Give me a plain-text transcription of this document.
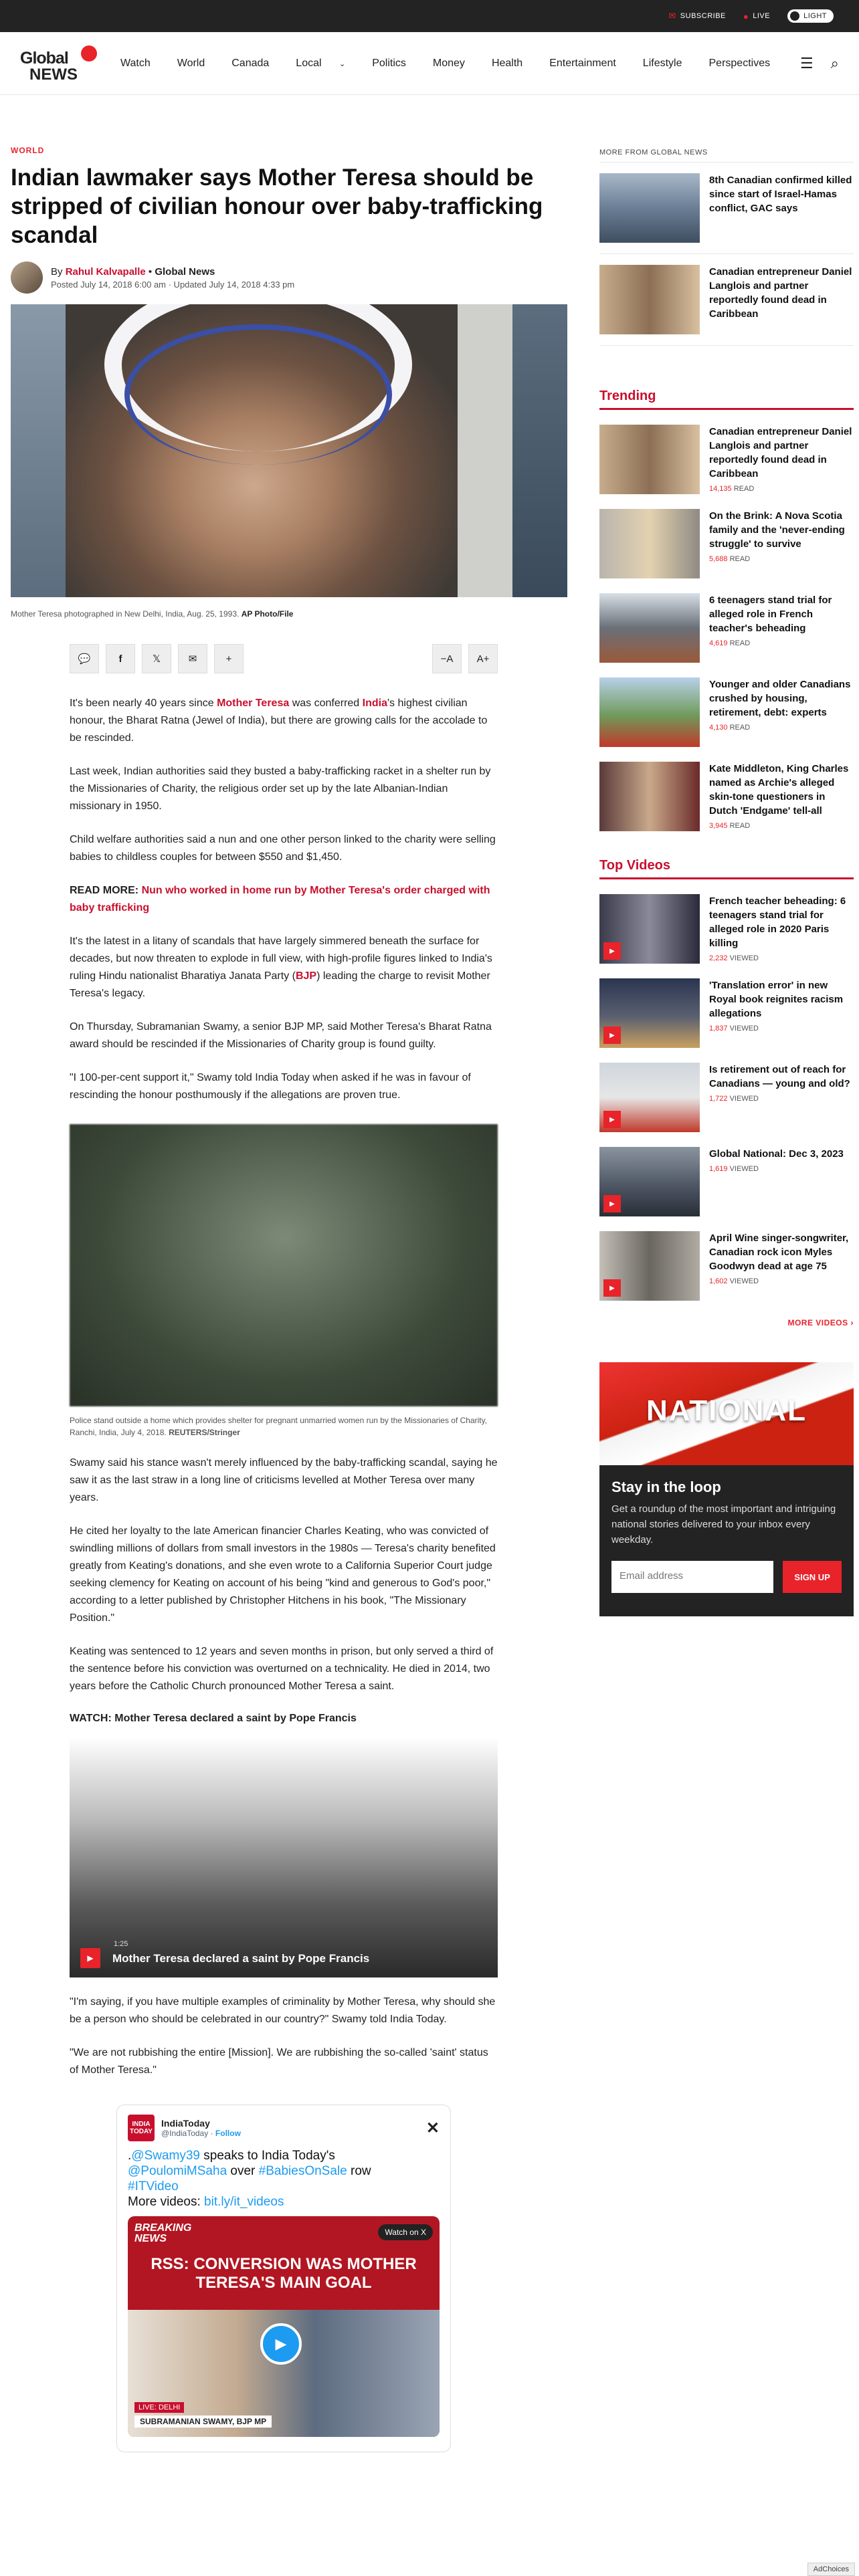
✉ SUBSCRIBE ● LIVE	LIGHT
Global
NEWS
Watch	World	Canada	Local ⌄	Politics	Money	Health	Entertainment	Lifestyle	Perspectives ☰ ⌕
WORLD
Indian lawmaker says Mother Teresa should be stripped of civilian honour over baby-trafficking scandal
By Rahul Kalvapalle • Global News
Posted July 14, 2018 6:00 am · Updated July 14, 2018 4:33 pm
Mother Teresa photographed in New Delhi, India, Aug. 25, 1993. AP Photo/File
💬	f	𝕏	✉	+	−A	A+

It's been nearly 40 years since Mother Teresa was conferred India's highest civilian honour, the Bharat Ratna (Jewel of India), but there are growing calls for the accolade to be rescinded.

Last week, Indian authorities said they busted a baby-trafficking racket in a shelter run by the Missionaries of Charity, the religious order set up by the late Albanian-Indian missionary in 1950.

Child welfare authorities said a nun and one other person linked to the charity were selling babies to childless couples for between $550 and $1,450.

READ MORE: Nun who worked in home run by Mother Teresa's order charged with baby trafficking

It's the latest in a litany of scandals that have largely simmered beneath the surface for decades, but now threaten to explode in full view, with high-profile figures linked to India's ruling Hindu nationalist Bharatiya Janata Party (BJP) leading the charge to revisit Mother Teresa's legacy.

On Thursday, Subramanian Swamy, a senior BJP MP, said Mother Teresa's Bharat Ratna award should be rescinded if the Missionaries of Charity group is found guilty.

"I 100-per-cent support it," Swamy told India Today when asked if he was in favour of rescinding the honour posthumously if the allegations are proven true.

Police stand outside a home which provides shelter for pregnant unmarried women run by the Missionaries of Charity, Ranchi, India, July 4, 2018. REUTERS/Stringer

Swamy said his stance wasn't merely influenced by the baby-trafficking scandal, saying he saw it as the last straw in a long line of criticisms levelled at Mother Teresa over many years.

He cited her loyalty to the late American financier Charles Keating, who was convicted of swindling millions of dollars from small investors in the 1980s — Teresa's charity benefited greatly from Keating's donations, and she even wrote to a California Superior Court judge seeking clemency for Keating on account of his being "kind and generous to God's poor," according to a letter published by Christopher Hitchens in his book, "The Missionary Position."

Keating was sentenced to 12 years and seven months in prison, but only served a third of the sentence before his conviction was overturned on a technicality. He died in 2014, two years before the Catholic Church pronounced Mother Teresa a saint.

WATCH: Mother Teresa declared a saint by Pope Francis
1:25
▶	Mother Teresa declared a saint by Pope Francis

"I'm saying, if you have multiple examples of criminality by Mother Teresa, why should she be a person who should be celebrated in our country?" Swamy told India Today.

"We are not rubbishing the entire [Mission]. We are rubbishing the so-called 'saint' status of Mother Teresa."

INDIA TODAY
IndiaToday
@IndiaToday · Follow	✕
.@Swamy39 speaks to India Today's
@PoulomiMSaha over #BabiesOnSale row
#ITVideo
More videos: bit.ly/it_videos
BREAKING NEWS
Watch on X
RSS: CONVERSION WAS MOTHER TERESA'S MAIN GOAL
▶
LIVE: DELHI
SUBRAMANIAN SWAMY, BJP MP
MORE FROM GLOBAL NEWS
8th Canadian confirmed killed since start of Israel-Hamas conflict, GAC says
Canadian entrepreneur Daniel Langlois and partner reportedly found dead in Caribbean
Trending
Canadian entrepreneur Daniel Langlois and partner reportedly found dead in Caribbean
14,135 READ
On the Brink: A Nova Scotia family and the 'never-ending struggle' to survive
5,688 READ
6 teenagers stand trial for alleged role in French teacher's beheading
4,619 READ
Younger and older Canadians crushed by housing, retirement, debt: experts
4,130 READ
Kate Middleton, King Charles named as Archie's alleged skin-tone questioners in Dutch 'Endgame' tell-all
3,945 READ
Top Videos
▶
French teacher beheading: 6 teenagers stand trial for alleged role in 2020 Paris killing
2,232 VIEWED
▶
'Translation error' in new Royal book reignites racism allegations
1,837 VIEWED
▶
Is retirement out of reach for Canadians — young and old?
1,722 VIEWED
▶
Global National: Dec 3, 2023
1,619 VIEWED
▶
April Wine singer-songwriter, Canadian rock icon Myles Goodwyn dead at age 75
1,602 VIEWED
MORE VIDEOS ›
NATIONAL
Stay in the loop

Get a roundup of the most important and intriguing national stories delivered to your inbox every weekday.

Email address	SIGN UP
AdChoices
